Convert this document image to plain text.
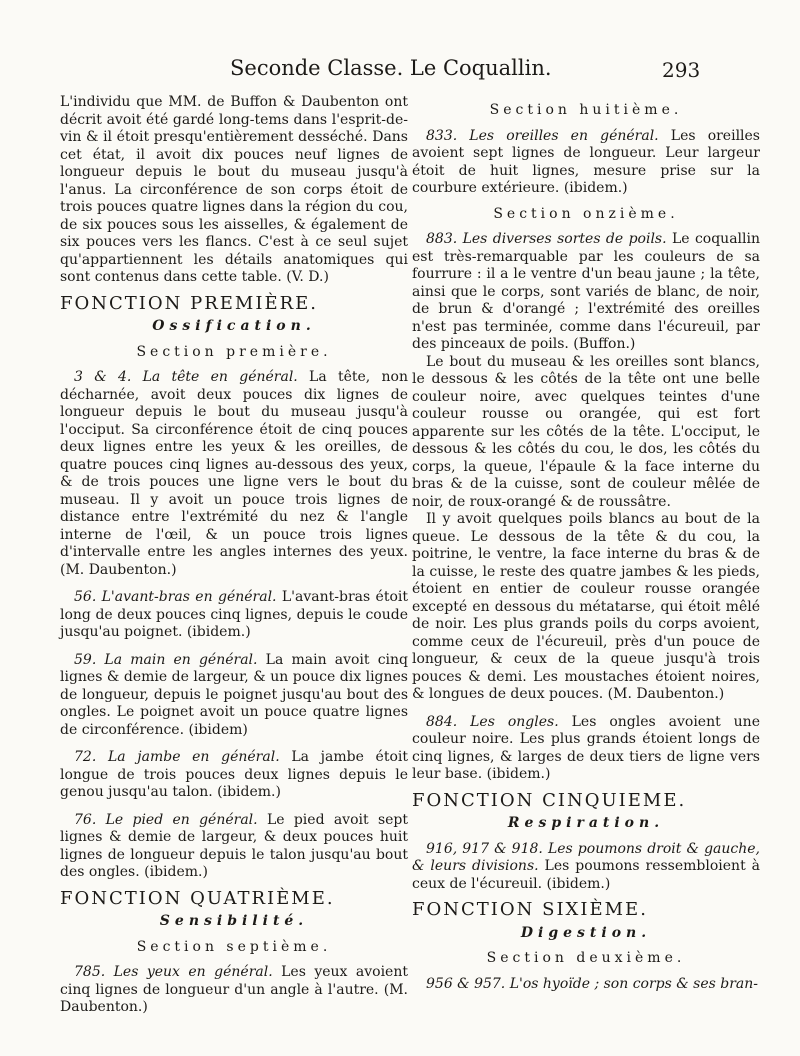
Seconde Classe. Le Coquallin.	293

L'individu que MM. de Buffon & Daubenton ont décrit avoit été gardé long-tems dans l'esprit-de-vin & il étoit presqu'entièrement desséché. Dans cet état, il avoit dix pouces neuf lignes de longueur depuis le bout du museau jusqu'à l'anus. La circonférence de son corps étoit de trois pouces quatre lignes dans la région du cou, de six pouces sous les aisselles, & également de six pouces vers les flancs. C'est à ce seul sujet qu'appartiennent les détails anatomiques qui sont contenus dans cette table. (V. D.)

FONCTION PREMIÈRE.
Ossification.
Section première.

3 & 4. La tête en général. La tête, non décharnée, avoit deux pouces dix lignes de longueur depuis le bout du museau jusqu'à l'occiput. Sa circonférence étoit de cinq pouces deux lignes entre les yeux & les oreilles, de quatre pouces cinq lignes au-dessous des yeux, & de trois pouces une ligne vers le bout du museau. Il y avoit un pouce trois lignes de distance entre l'extrémité du nez & l'angle interne de l'œil, & un pouce trois lignes d'intervalle entre les angles internes des yeux. (M. Daubenton.)

56. L'avant-bras en général. L'avant-bras étoit long de deux pouces cinq lignes, depuis le coude jusqu'au poignet. (ibidem.)

59. La main en général. La main avoit cinq lignes & demie de largeur, & un pouce dix lignes de longueur, depuis le poignet jusqu'au bout des ongles. Le poignet avoit un pouce quatre lignes de circonférence. (ibidem)

72. La jambe en général. La jambe étoit longue de trois pouces deux lignes depuis le genou jusqu'au talon. (ibidem.)

76. Le pied en général. Le pied avoit sept lignes & demie de largeur, & deux pouces huit lignes de longueur depuis le talon jusqu'au bout des ongles. (ibidem.)

FONCTION QUATRIÈME.
Sensibilité.
Section septième.

785. Les yeux en général. Les yeux avoient cinq lignes de longueur d'un angle à l'autre. (M. Daubenton.)

Section huitième.

833. Les oreilles en général. Les oreilles avoient sept lignes de longueur. Leur largeur étoit de huit lignes, mesure prise sur la courbure extérieure. (ibidem.)

Section onzième.

883. Les diverses sortes de poils. Le coquallin est très-remarquable par les couleurs de sa fourrure : il a le ventre d'un beau jaune ; la tête, ainsi que le corps, sont variés de blanc, de noir, de brun & d'orangé ; l'extrémité des oreilles n'est pas terminée, comme dans l'écureuil, par des pinceaux de poils. (Buffon.)

Le bout du museau & les oreilles sont blancs, le dessous & les côtés de la tête ont une belle couleur noire, avec quelques teintes d'une couleur rousse ou orangée, qui est fort apparente sur les côtés de la tête. L'occiput, le dessous & les côtés du cou, le dos, les côtés du corps, la queue, l'épaule & la face interne du bras & de la cuisse, sont de couleur mêlée de noir, de roux-orangé & de roussâtre.

Il y avoit quelques poils blancs au bout de la queue. Le dessous de la tête & du cou, la poitrine, le ventre, la face interne du bras & de la cuisse, le reste des quatre jambes & les pieds, étoient en entier de couleur rousse orangée excepté en dessous du métatarse, qui étoit mêlé de noir. Les plus grands poils du corps avoient, comme ceux de l'écureuil, près d'un pouce de longueur, & ceux de la queue jusqu'à trois pouces & demi. Les moustaches étoient noires, & longues de deux pouces. (M. Daubenton.)

884. Les ongles. Les ongles avoient une couleur noire. Les plus grands étoient longs de cinq lignes, & larges de deux tiers de ligne vers leur base. (ibidem.)

FONCTION CINQUIEME.
Respiration.

916, 917 & 918. Les poumons droit & gauche, & leurs divisions. Les poumons ressembloient à ceux de l'écureuil. (ibidem.)

FONCTION SIXIÈME.
Digestion.
Section deuxième.

956 & 957. L'os hyoïde ; son corps & ses bran-
